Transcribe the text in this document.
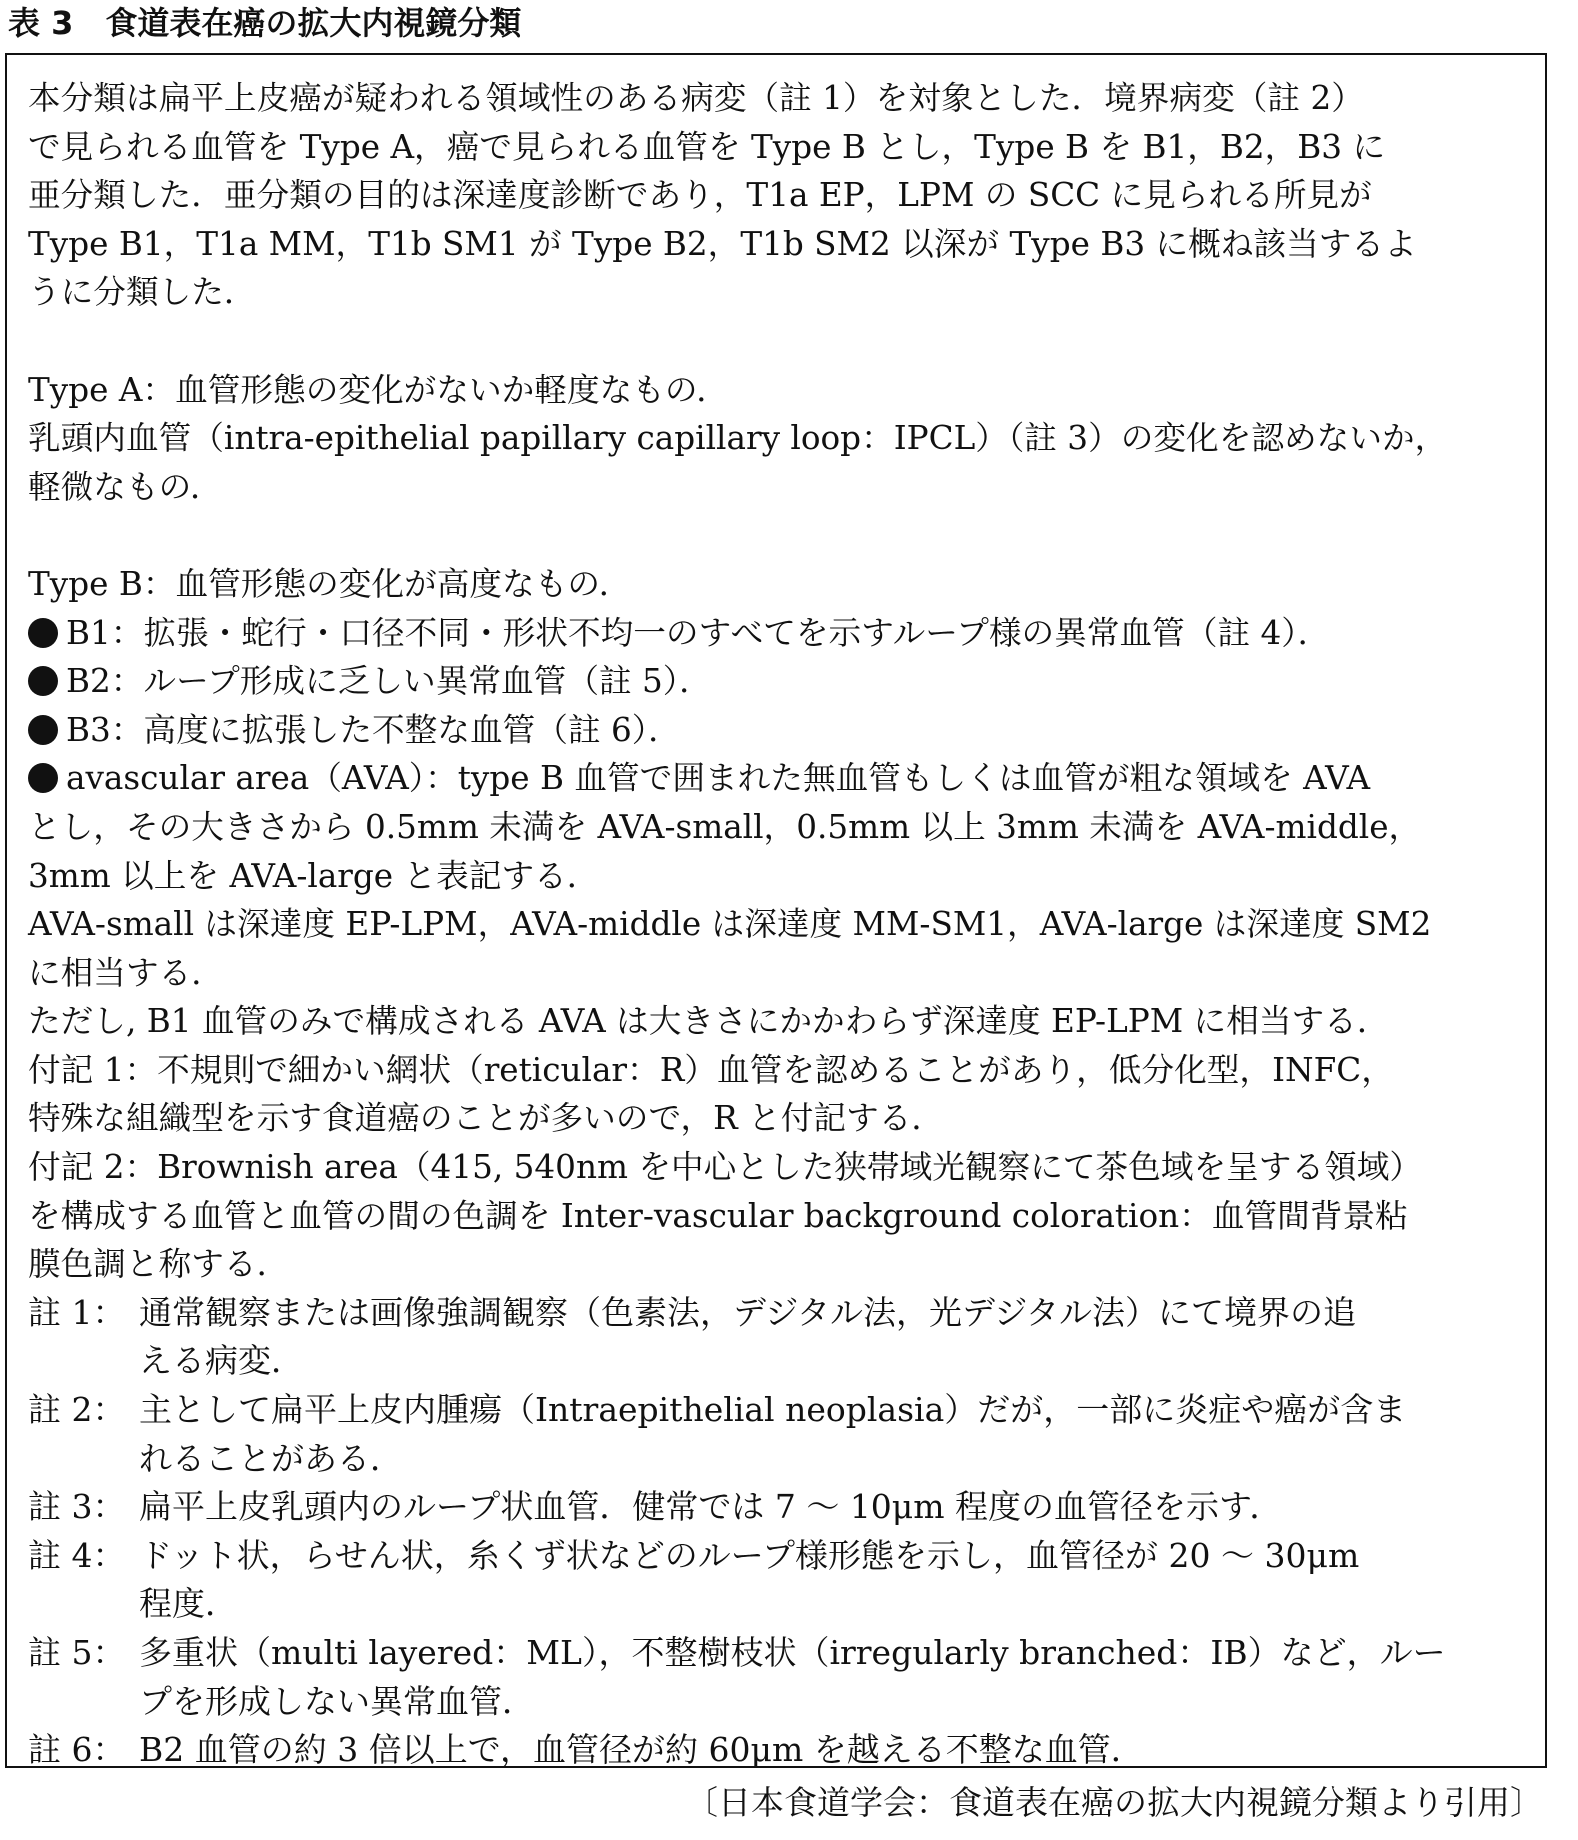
表 3　食道表在癌の拡大内視鏡分類
本分類は扁平上皮癌が疑われる領域性のある病変（註 1）を対象とした．境界病変（註 2）
で見られる血管を Type A，癌で見られる血管を Type B とし，Type B を B1，B2，B3 に
亜分類した．亜分類の目的は深達度診断であり，T1a EP，LPM の SCC に見られる所見が
Type B1，T1a MM，T1b SM1 が Type B2，T1b SM2 以深が Type B3 に概ね該当するよ
うに分類した．
Type A：血管形態の変化がないか軽度なもの．
乳頭内血管（intra-epithelial papillary capillary loop：IPCL）（註 3）の変化を認めないか，
軽微なもの．
Type B：血管形態の変化が高度なもの．
B1：拡張・蛇行・口径不同・形状不均一のすべてを示すループ様の異常血管（註 4）．
B2：ループ形成に乏しい異常血管（註 5）．
B3：高度に拡張した不整な血管（註 6）．
avascular area（AVA）：type B 血管で囲まれた無血管もしくは血管が粗な領域を AVA
とし，その大きさから 0.5mm 未満を AVA-small，0.5mm 以上 3mm 未満を AVA-middle，
3mm 以上を AVA-large と表記する．
AVA-small は深達度 EP-LPM，AVA-middle は深達度 MM-SM1，AVA-large は深達度 SM2
に相当する．
ただし, B1 血管のみで構成される AVA は大きさにかかわらず深達度 EP-LPM に相当する．
付記 1：不規則で細かい網状（reticular：R）血管を認めることがあり，低分化型，INFC，
特殊な組織型を示す食道癌のことが多いので，R と付記する．
付記 2：Brownish area（415, 540nm を中心とした狭帯域光観察にて茶色域を呈する領域）
を構成する血管と血管の間の色調を Inter-vascular background coloration：血管間背景粘
膜色調と称する．
註 1： 通常観察または画像強調観察（色素法，デジタル法，光デジタル法）にて境界の追
える病変．
註 2： 主として扁平上皮内腫瘍（Intraepithelial neoplasia）だが，一部に炎症や癌が含ま
れることがある．
註 3： 扁平上皮乳頭内のループ状血管．健常では 7 ～ 10μm 程度の血管径を示す．
註 4： ドット状，らせん状，糸くず状などのループ様形態を示し，血管径が 20 ～ 30μm
程度．
註 5： 多重状（multi layered：ML），不整樹枝状（irregularly branched：IB）など，ルー
プを形成しない異常血管．
註 6： B2 血管の約 3 倍以上で，血管径が約 60μm を越える不整な血管．

〔日本食道学会：食道表在癌の拡大内視鏡分類より引用〕
